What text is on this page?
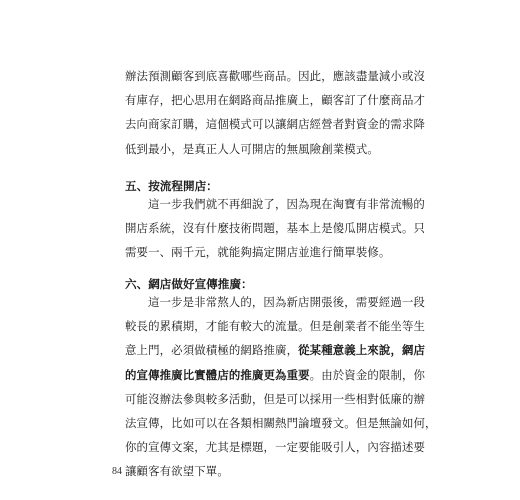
辦法預測顧客到底喜歡哪些商品。因此，應該盡量減小或沒

有庫存，把心思用在網路商品推廣上，顧客訂了什麼商品才

去向商家訂購，這個模式可以讓網店經營者對資金的需求降

低到最小，是真正人人可開店的無風險創業模式。

五、按流程開店：

這一步我們就不再細說了，因為現在淘寶有非常流暢的

開店系統，沒有什麼技術問題，基本上是傻瓜開店模式。只

需要一、兩千元，就能夠搞定開店並進行簡單裝修。

六、網店做好宣傳推廣：

這一步是非常熬人的，因為新店開張後，需要經過一段

較長的累積期，才能有較大的流量。但是創業者不能坐等生

意上門，必須做積極的網路推廣，從某種意義上來說，網店

的宣傳推廣比實體店的推廣更為重要。由於資金的限制，你

可能沒辦法參與較多活動，但是可以採用一些相對低廉的辦

法宣傳，比如可以在各類相關熱門論壇發文。但是無論如何，

你的宣傳文案，尤其是標題，一定要能吸引人，內容描述要

讓顧客有欲望下單。

84
